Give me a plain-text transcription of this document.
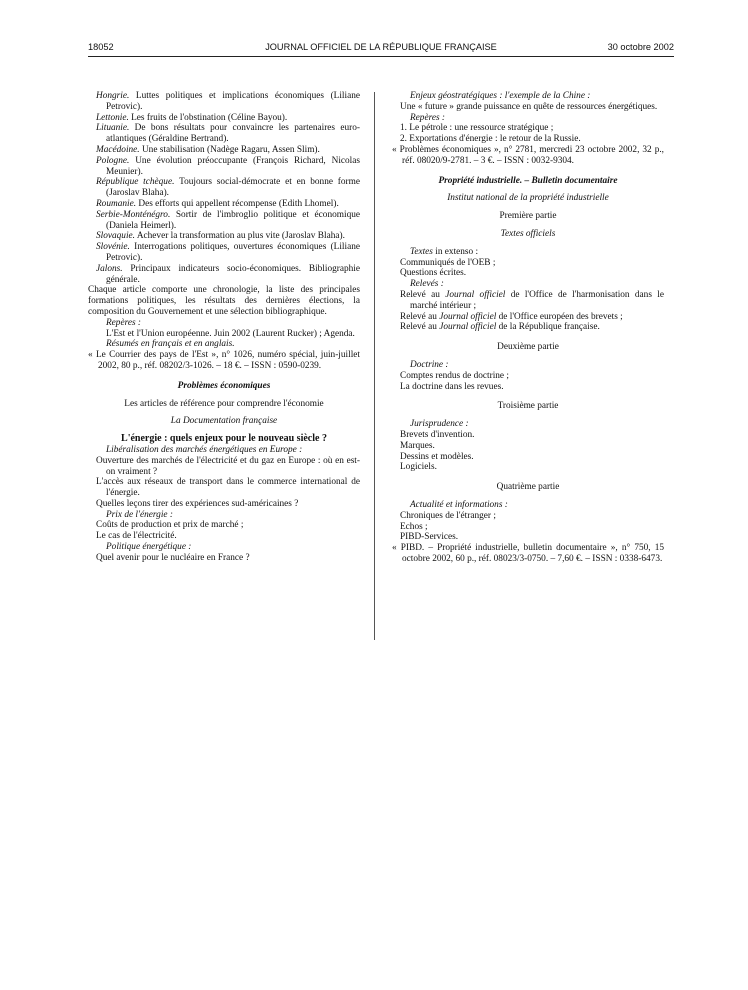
18052	JOURNAL OFFICIEL DE LA RÉPUBLIQUE FRANÇAISE	30 octobre 2002

Hongrie. Luttes politiques et implications économiques (Liliane Petrovic).

Lettonie. Les fruits de l'obstination (Céline Bayou).

Lituanie. De bons résultats pour convaincre les partenaires euro-atlantiques (Géraldine Bertrand).

Macédoine. Une stabilisation (Nadège Ragaru, Assen Slim).

Pologne. Une évolution préoccupante (François Richard, Nicolas Meunier).

République tchèque. Toujours social-démocrate et en bonne forme (Jaroslav Blaha).

Roumanie. Des efforts qui appellent récompense (Edith Lhomel).

Serbie-Monténégro. Sortir de l'imbroglio politique et économique (Daniela Heimerl).

Slovaquie. Achever la transformation au plus vite (Jaroslav Blaha).

Slovénie. Interrogations politiques, ouvertures économiques (Liliane Petrovic).

Jalons. Principaux indicateurs socio-économiques. Bibliographie générale.

Chaque article comporte une chronologie, la liste des principales formations politiques, les résultats des dernières élections, la composition du Gouvernement et une sélection bibliographique.

Repères :

L'Est et l'Union européenne. Juin 2002 (Laurent Rucker) ; Agenda.

Résumés en français et en anglais.

« Le Courrier des pays de l'Est », n° 1026, numéro spécial, juin-juillet 2002, 80 p., réf. 08202/3-1026. – 18 €. – ISSN : 0590-0239.

Problèmes économiques

Les articles de référence pour comprendre l'économie

La Documentation française

L'énergie : quels enjeux pour le nouveau siècle ?

Libéralisation des marchés énergétiques en Europe :

Ouverture des marchés de l'électricité et du gaz en Europe : où en est-on vraiment ?

L'accès aux réseaux de transport dans le commerce international de l'énergie.

Quelles leçons tirer des expériences sud-américaines ?

Prix de l'énergie :

Coûts de production et prix de marché ;

Le cas de l'électricité.

Politique énergétique :

Quel avenir pour le nucléaire en France ?

Enjeux géostratégiques : l'exemple de la Chine :

Une « future » grande puissance en quête de ressources énergétiques.

Repères :

1. Le pétrole : une ressource stratégique ;

2. Exportations d'énergie : le retour de la Russie.

« Problèmes économiques », n° 2781, mercredi 23 octobre 2002, 32 p., réf. 08020/9-2781. – 3 €. – ISSN : 0032-9304.

Propriété industrielle. – Bulletin documentaire

Institut national de la propriété industrielle

Première partie

Textes officiels

Textes in extenso :

Communiqués de l'OEB ;

Questions écrites.

Relevés :

Relevé au Journal officiel de l'Office de l'harmonisation dans le marché intérieur ;

Relevé au Journal officiel de l'Office européen des brevets ;

Relevé au Journal officiel de la République française.

Deuxième partie

Doctrine :

Comptes rendus de doctrine ;

La doctrine dans les revues.

Troisième partie

Jurisprudence :

Brevets d'invention.

Marques.

Dessins et modèles.

Logiciels.

Quatrième partie

Actualité et informations :

Chroniques de l'étranger ;

Echos ;

PIBD-Services.

« PIBD. – Propriété industrielle, bulletin documentaire », n° 750, 15 octobre 2002, 60 p., réf. 08023/3-0750. – 7,60 €. – ISSN : 0338-6473.
